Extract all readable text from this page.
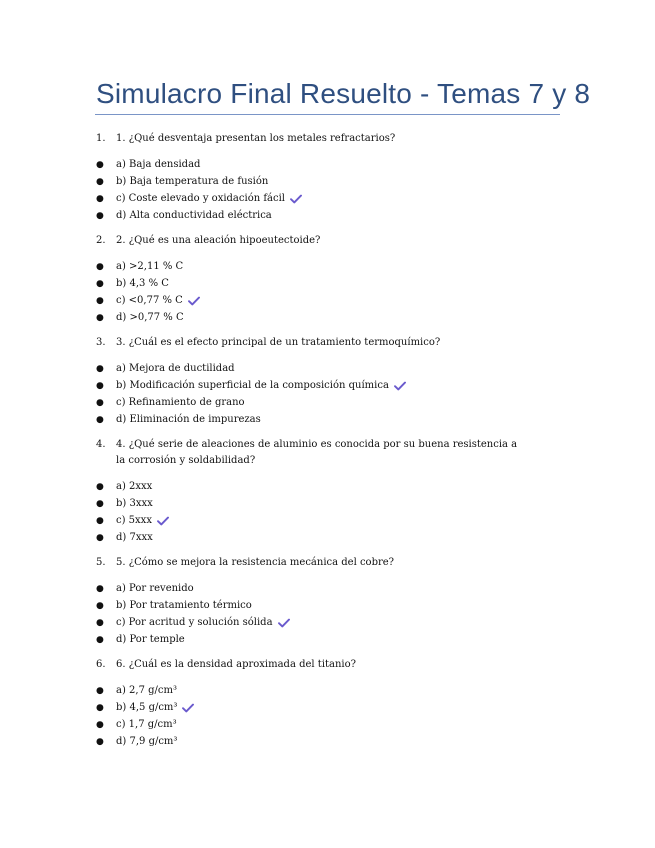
Simulacro Final Resuelto - Temas 7 y 8
1.	1. ¿Qué desventaja presentan los metales refractarios?
●	a) Baja densidad
●	b) Baja temperatura de fusión
●	c) Coste elevado y oxidación fácil
●	d) Alta conductividad eléctrica
2.	2. ¿Qué es una aleación hipoeutectoide?
●	a) >2,11 % C
●	b) 4,3 % C
●	c) <0,77 % C
●	d) >0,77 % C
3.	3. ¿Cuál es el efecto principal de un tratamiento termoquímico?
●	a) Mejora de ductilidad
●	b) Modificación superficial de la composición química
●	c) Refinamiento de grano
●	d) Eliminación de impurezas
4.	4. ¿Qué serie de aleaciones de aluminio es conocida por su buena resistencia a la corrosión y soldabilidad?
●	a) 2xxx
●	b) 3xxx
●	c) 5xxx
●	d) 7xxx
5.	5. ¿Cómo se mejora la resistencia mecánica del cobre?
●	a) Por revenido
●	b) Por tratamiento térmico
●	c) Por acritud y solución sólida
●	d) Por temple
6.	6. ¿Cuál es la densidad aproximada del titanio?
●	a) 2,7 g/cm³
●	b) 4,5 g/cm³
●	c) 1,7 g/cm³
●	d) 7,9 g/cm³
